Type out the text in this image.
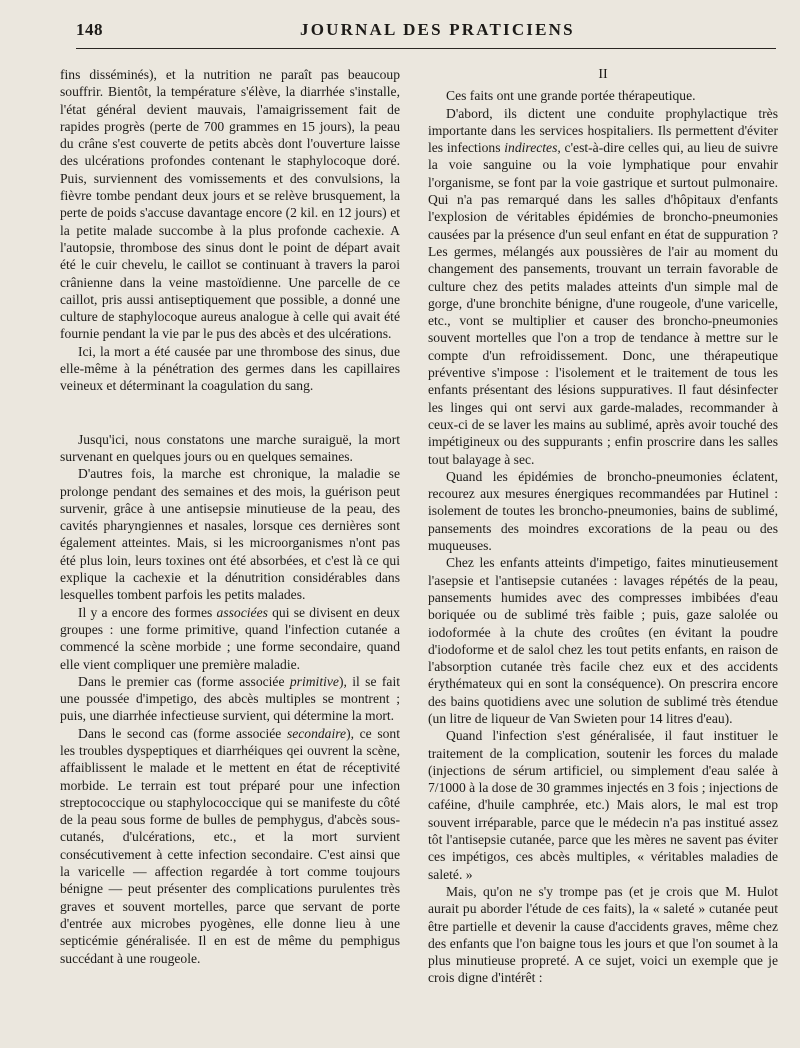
148	JOURNAL DES PRATICIENS

fins disséminés), et la nutrition ne paraît pas beaucoup souffrir. Bientôt, la température s'élève, la diarrhée s'installe, l'état général devient mauvais, l'amaigrissement fait de rapides progrès (perte de 700 grammes en 15 jours), la peau du crâne s'est couverte de petits abcès dont l'ouverture laisse des ulcérations profondes contenant le staphylocoque doré. Puis, surviennent des vomissements et des convulsions, la fièvre tombe pendant deux jours et se relève brusquement, la perte de poids s'accuse davantage encore (2 kil. en 12 jours) et la petite malade succombe à la plus profonde cachexie. A l'autopsie, thrombose des sinus dont le point de départ avait été le cuir chevelu, le caillot se continuant à travers la paroi crânienne dans la veine mastoïdienne. Une parcelle de ce caillot, pris aussi antiseptiquement que possible, a donné une culture de staphylocoque aureus analogue à celle qui avait été fournie pendant la vie par le pus des abcès et des ulcérations.

Ici, la mort a été causée par une thrombose des sinus, due elle-même à la pénétration des germes dans les capillaires veineux et déterminant la coagulation du sang.

Jusqu'ici, nous constatons une marche suraiguë, la mort survenant en quelques jours ou en quelques semaines.

D'autres fois, la marche est chronique, la maladie se prolonge pendant des semaines et des mois, la guérison peut survenir, grâce à une antisepsie minutieuse de la peau, des cavités pharyngiennes et nasales, lorsque ces dernières sont également atteintes. Mais, si les microorganismes n'ont pas été plus loin, leurs toxines ont été absorbées, et c'est là ce qui explique la cachexie et la dénutrition considérables dans lesquelles tombent parfois les petits malades.

Il y a encore des formes associées qui se divisent en deux groupes : une forme primitive, quand l'infection cutanée a commencé la scène morbide ; une forme secondaire, quand elle vient compliquer une première maladie.

Dans le premier cas (forme associée primitive), il se fait une poussée d'impetigo, des abcès multiples se montrent ; puis, une diarrhée infectieuse survient, qui détermine la mort.

Dans le second cas (forme associée secondaire), ce sont les troubles dyspeptiques et diarrhéiques qei ouvrent la scène, affaiblissent le malade et le mettent en état de réceptivité morbide. Le terrain est tout préparé pour une infection streptococcique ou staphylococcique qui se manifeste du côté de la peau sous forme de bulles de pemphygus, d'abcès sous-cutanés, d'ulcérations, etc., et la mort survient consécutivement à cette infection secondaire. C'est ainsi que la varicelle — affection regardée à tort comme toujours bénigne — peut présenter des complications purulentes très graves et souvent mortelles, parce que servant de porte d'entrée aux microbes pyogènes, elle donne lieu à une septicémie généralisée. Il en est de même du pemphigus succédant à une rougeole.

II

Ces faits ont une grande portée thérapeutique.

D'abord, ils dictent une conduite prophylactique très importante dans les services hospitaliers. Ils permettent d'éviter les infections indirectes, c'est-à-dire celles qui, au lieu de suivre la voie sanguine ou la voie lymphatique pour envahir l'organisme, se font par la voie gastrique et surtout pulmonaire. Qui n'a pas remarqué dans les salles d'hôpitaux d'enfants l'explosion de véritables épidémies de broncho-pneumonies causées par la présence d'un seul enfant en état de suppuration ? Les germes, mélangés aux poussières de l'air au moment du changement des pansements, trouvant un terrain favorable de culture chez des petits malades atteints d'un simple mal de gorge, d'une bronchite bénigne, d'une rougeole, d'une varicelle, etc., vont se multiplier et causer des broncho-pneumonies souvent mortelles que l'on a trop de tendance à mettre sur le compte d'un refroidissement. Donc, une thérapeutique préventive s'impose : l'isolement et le traitement de tous les enfants présentant des lésions suppuratives. Il faut désinfecter les linges qui ont servi aux garde-malades, recommander à ceux-ci de se laver les mains au sublimé, après avoir touché des impétigineux ou des suppurants ; enfin proscrire dans les salles tout balayage à sec.

Quand les épidémies de broncho-pneumonies éclatent, recourez aux mesures énergiques recommandées par Hutinel : isolement de toutes les broncho-pneumonies, bains de sublimé, pansements des moindres excorations de la peau ou des muqueuses.

Chez les enfants atteints d'impetigo, faites minutieusement l'asepsie et l'antisepsie cutanées : lavages répétés de la peau, pansements humides avec des compresses imbibées d'eau boriquée ou de sublimé très faible ; puis, gaze salolée ou iodoformée à la chute des croûtes (en évitant la poudre d'iodoforme et de salol chez les tout petits enfants, en raison de l'absorption cutanée très facile chez eux et des accidents érythémateux qui en sont la conséquence). On prescrira encore des bains quotidiens avec une solution de sublimé très étendue (un litre de liqueur de Van Swieten pour 14 litres d'eau).

Quand l'infection s'est généralisée, il faut instituer le traitement de la complication, soutenir les forces du malade (injections de sérum artificiel, ou simplement d'eau salée à 7/1000 à la dose de 30 grammes injectés en 3 fois ; injections de caféine, d'huile camphrée, etc.) Mais alors, le mal est trop souvent irréparable, parce que le médecin n'a pas institué assez tôt l'antisepsie cutanée, parce que les mères ne savent pas éviter ces impétigos, ces abcès multiples, « véritables maladies de saleté. »

Mais, qu'on ne s'y trompe pas (et je crois que M. Hulot aurait pu aborder l'étude de ces faits), la « saleté » cutanée peut être partielle et devenir la cause d'accidents graves, même chez des enfants que l'on baigne tous les jours et que l'on soumet à la plus minutieuse propreté. A ce sujet, voici un exemple que je crois digne d'intérêt :
